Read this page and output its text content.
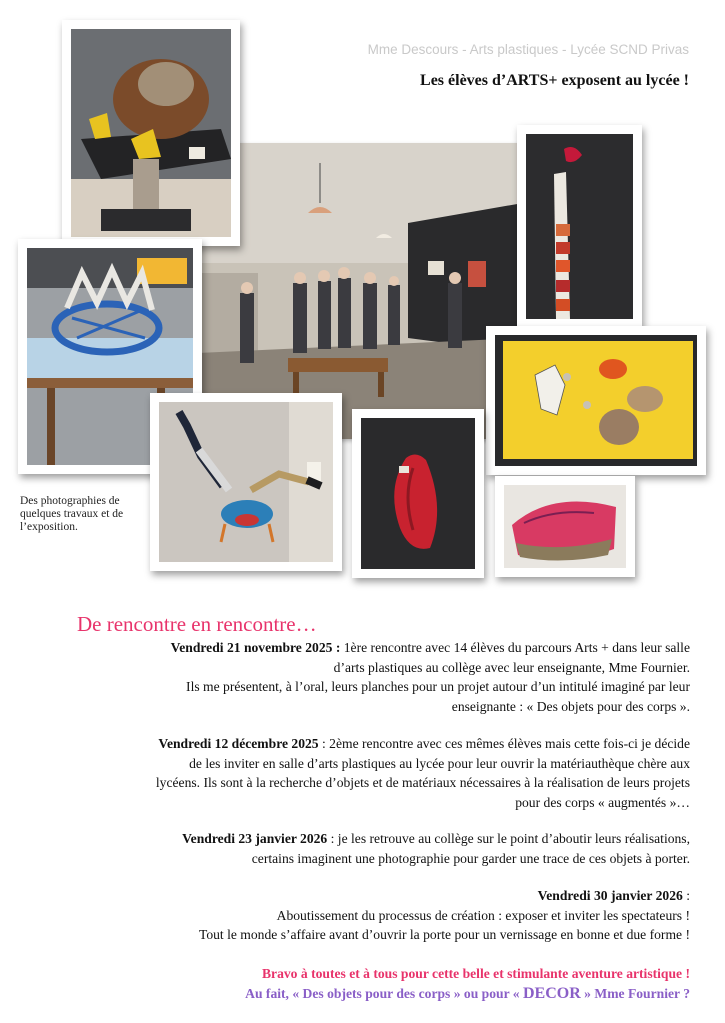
Mme Descours - Arts plastiques - Lycée SCND Privas
Les élèves d’ARTS+ exposent au lycée !
Des photographies de quelques travaux et de l’exposition.
De rencontre en rencontre…
Vendredi 21 novembre 2025 : 1ère rencontre avec 14 élèves du parcours Arts + dans leur salle
d’arts plastiques au collège avec leur enseignante, Mme Fournier.
Ils me présentent, à l’oral, leurs planches pour un projet autour d’un intitulé imaginé par leur
enseignante : « Des objets pour des corps ».
Vendredi 12 décembre 2025 : 2ème rencontre avec ces mêmes élèves mais cette fois-ci je décide
de les inviter en salle d’arts plastiques au lycée pour leur ouvrir la matériauthèque chère aux
lycéens. Ils sont à la recherche d’objets et de matériaux nécessaires à la réalisation de leurs projets
pour des corps « augmentés »…
Vendredi 23 janvier 2026 : je les retrouve au collège sur le point d’aboutir leurs réalisations,
certains imaginent une photographie pour garder une trace de ces objets à porter.
Vendredi 30 janvier 2026 :
Aboutissement du processus de création : exposer et inviter les spectateurs !
Tout le monde s’affaire avant d’ouvrir la porte pour un vernissage en bonne et due forme !
Bravo à toutes et à tous pour cette belle et stimulante aventure artistique !
Au fait, « Des objets pour des corps » ou pour « DECOR » Mme Fournier ?
